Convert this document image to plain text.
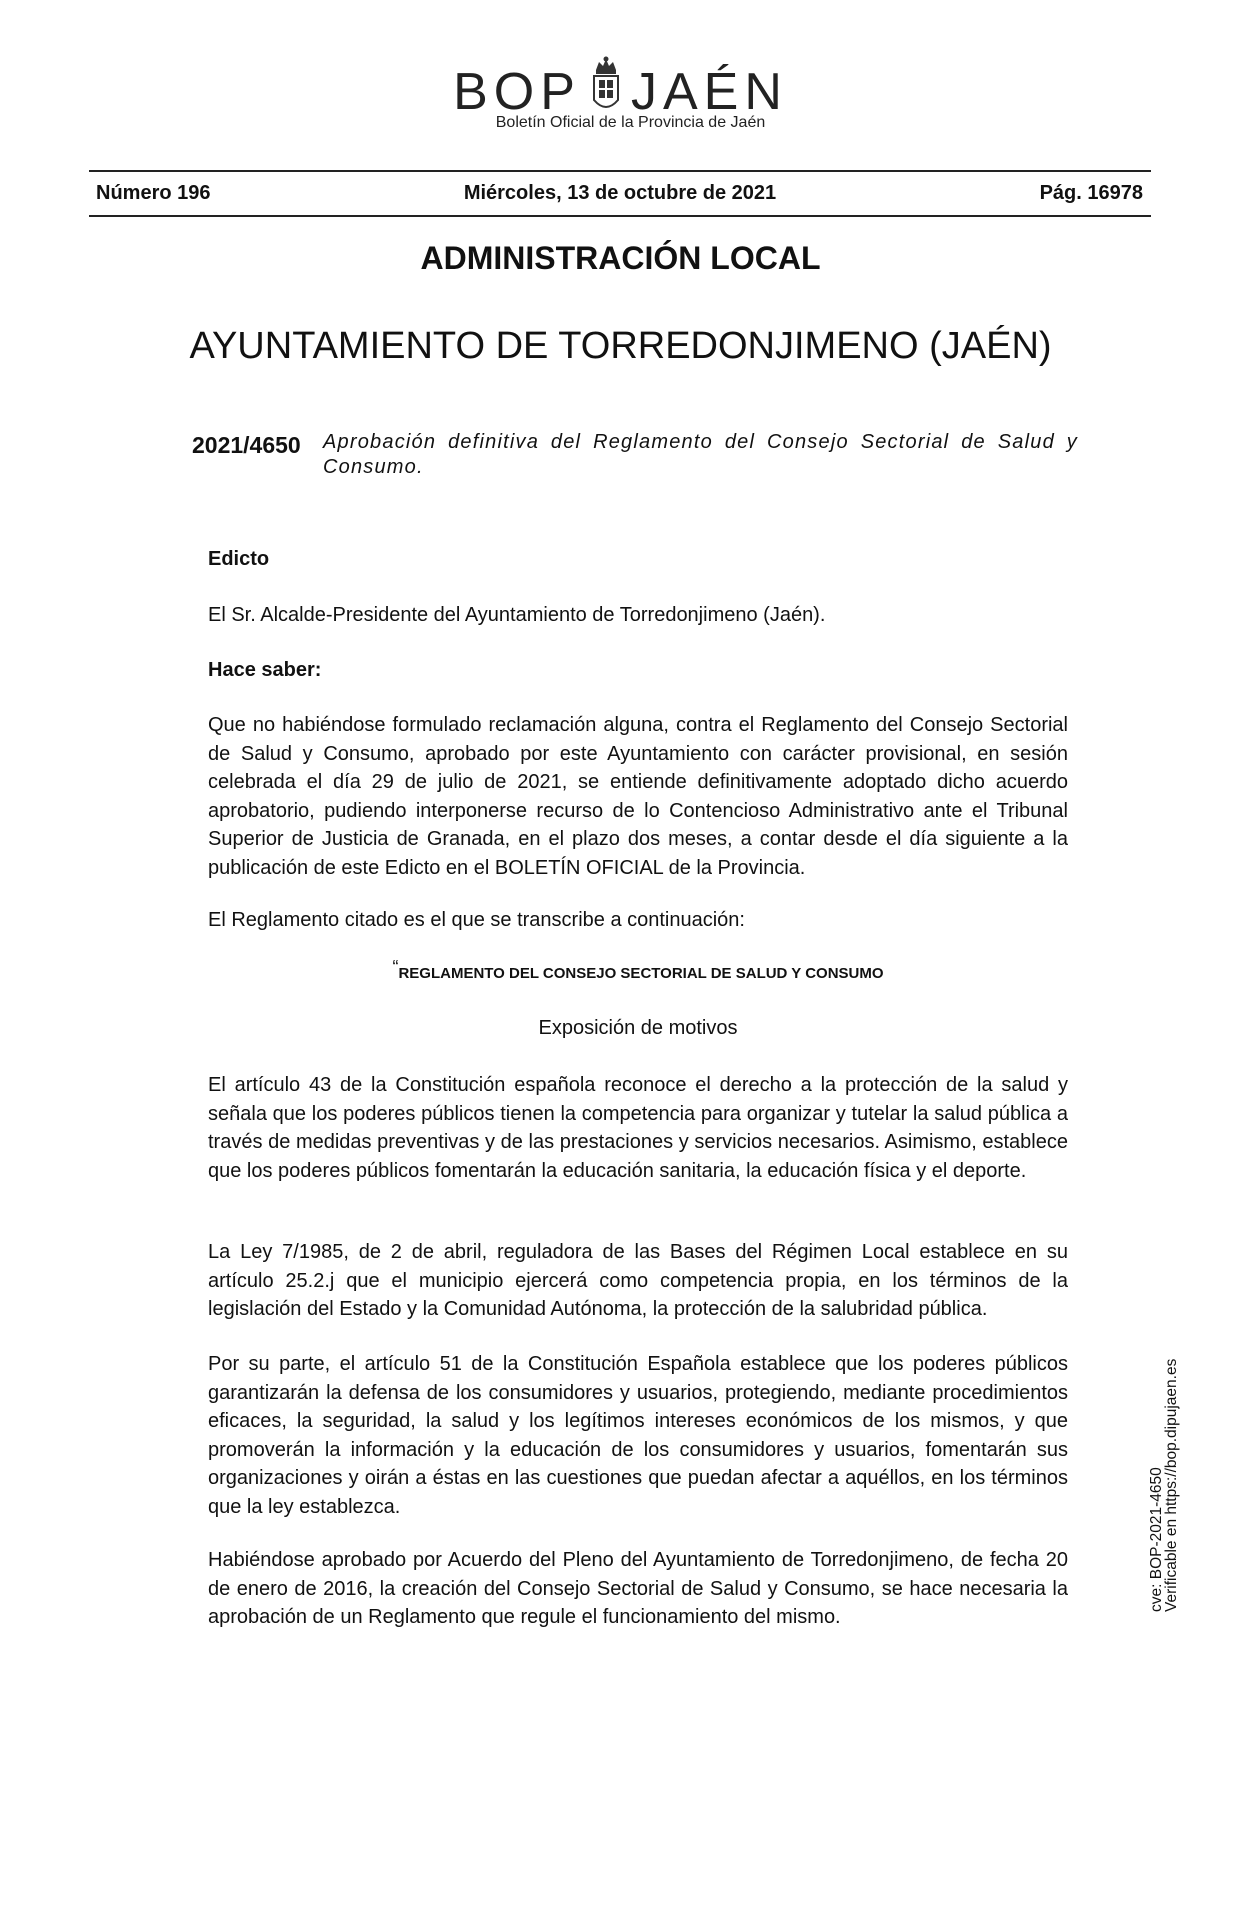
BOP JAÉN
Boletín Oficial de la Provincia de Jaén
Miércoles, 13 de octubre de 2021
Número 196	Pág. 16978
ADMINISTRACIÓN LOCAL
AYUNTAMIENTO DE TORREDONJIMENO (JAÉN)
2021/4650 Aprobación definitiva del Reglamento del Consejo Sectorial de Salud y Consumo.
Edicto
El Sr. Alcalde-Presidente del Ayuntamiento de Torredonjimeno (Jaén).
Hace saber:
Que no habiéndose formulado reclamación alguna, contra el Reglamento del Consejo Sectorial de Salud y Consumo, aprobado por este Ayuntamiento con carácter provisional, en sesión celebrada el día 29 de julio de 2021, se entiende definitivamente adoptado dicho acuerdo aprobatorio, pudiendo interponerse recurso de lo Contencioso Administrativo ante el Tribunal Superior de Justicia de Granada, en el plazo dos meses, a contar desde el día siguiente a la publicación de este Edicto en el BOLETÍN OFICIAL de la Provincia.
El Reglamento citado es el que se transcribe a continuación:
“REGLAMENTO DEL CONSEJO SECTORIAL DE SALUD Y CONSUMO
Exposición de motivos
El artículo 43 de la Constitución española reconoce el derecho a la protección de la salud y señala que los poderes públicos tienen la competencia para organizar y tutelar la salud pública a través de medidas preventivas y de las prestaciones y servicios necesarios. Asimismo, establece que los poderes públicos fomentarán la educación sanitaria, la educación física y el deporte.
La Ley 7/1985, de 2 de abril, reguladora de las Bases del Régimen Local establece en su artículo 25.2.j que el municipio ejercerá como competencia propia, en los términos de la legislación del Estado y la Comunidad Autónoma, la protección de la salubridad pública.
Por su parte, el artículo 51 de la Constitución Española establece que los poderes públicos garantizarán la defensa de los consumidores y usuarios, protegiendo, mediante procedimientos eficaces, la seguridad, la salud y los legítimos intereses económicos de los mismos, y que promoverán la información y la educación de los consumidores y usuarios, fomentarán sus organizaciones y oirán a éstas en las cuestiones que puedan afectar a aquéllos, en los términos que la ley establezca.
Habiéndose aprobado por Acuerdo del Pleno del Ayuntamiento de Torredonjimeno, de fecha 20 de enero de 2016, la creación del Consejo Sectorial de Salud y Consumo, se hace necesaria la aprobación de un Reglamento que regule el funcionamiento del mismo.
cve: BOP-2021-4650
Verificable en https://bop.dipujaen.es
